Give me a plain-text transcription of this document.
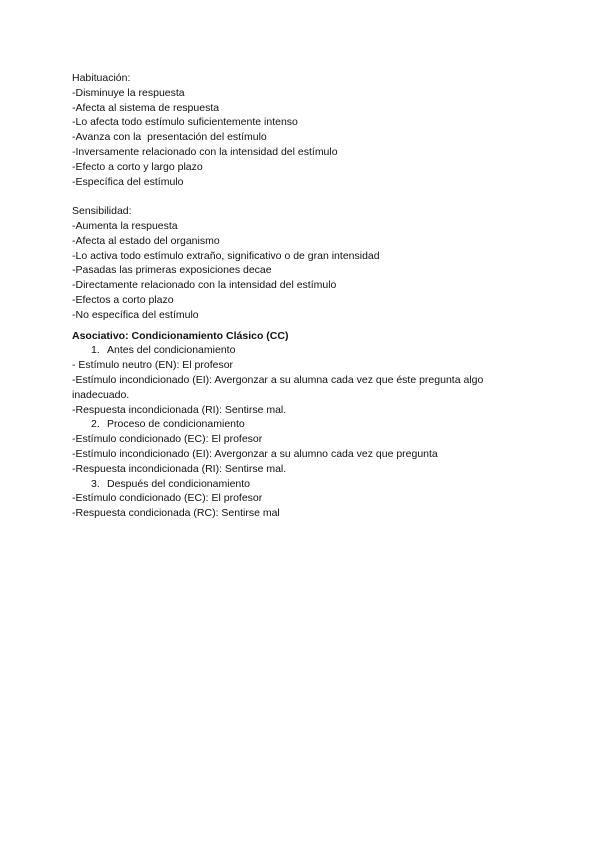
Habituación:
-Disminuye la respuesta
-Afecta al sistema de respuesta
-Lo afecta todo estímulo suficientemente intenso
-Avanza con la  presentación del estímulo
-Inversamente relacionado con la intensidad del estímulo
-Efecto a corto y largo plazo
-Específica del estímulo
Sensibilidad:
-Aumenta la respuesta
-Afecta al estado del organismo
-Lo activa todo estímulo extraño, significativo o de gran intensidad
-Pasadas las primeras exposiciones decae
-Directamente relacionado con la intensidad del estímulo
-Efectos a corto plazo
-No específica del estímulo
Asociativo: Condicionamiento Clásico (CC)
1. Antes del condicionamiento
- Estímulo neutro (EN): El profesor
-Estímulo incondicionado (EI): Avergonzar a su alumna cada vez que éste pregunta algo inadecuado.
-Respuesta incondicionada (RI): Sentirse mal.
2. Proceso de condicionamiento
-Estímulo condicionado (EC): El profesor
-Estímulo incondicionado (EI): Avergonzar a su alumno cada vez que pregunta
-Respuesta incondicionada (RI): Sentirse mal.
3. Después del condicionamiento
-Estímulo condicionado (EC): El profesor
-Respuesta condicionada (RC): Sentirse mal
